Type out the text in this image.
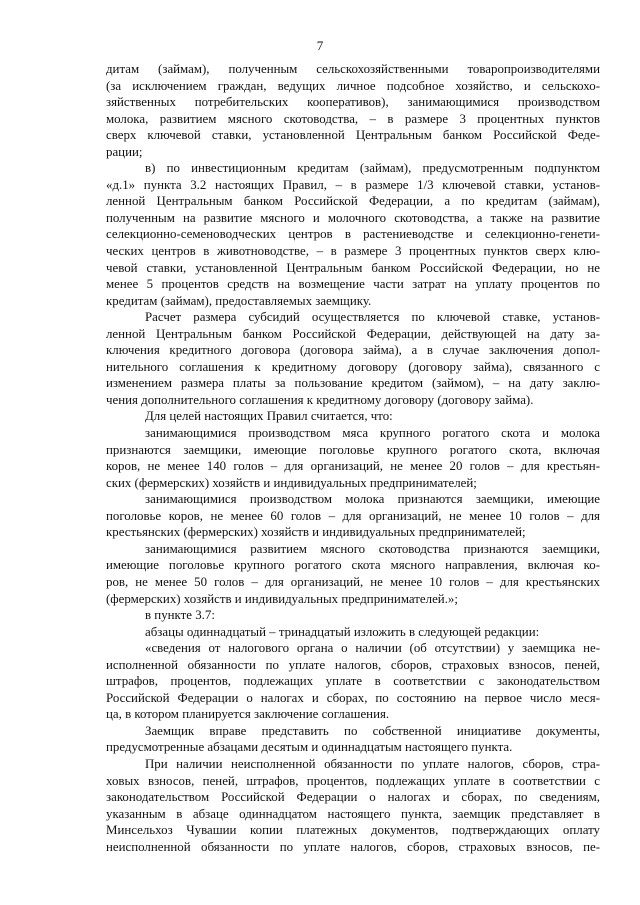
7
дитам (займам), полученным сельскохозяйственными товаропроизводителями
(за исключением граждан, ведущих личное подсобное хозяйство, и сельскохо-
зяйственных потребительских кооперативов), занимающимися производством
молока, развитием мясного скотоводства, – в размере 3 процентных пунктов
сверх ключевой ставки, установленной Центральным банком Российской Феде-
рации;
в) по инвестиционным кредитам (займам), предусмотренным подпунктом
«д.1» пункта 3.2 настоящих Правил, – в размере 1/3 ключевой ставки, установ-
ленной Центральным банком Российской Федерации, а по кредитам (займам),
полученным на развитие мясного и молочного скотоводства, а также на развитие
селекционно-семеноводческих центров в растениеводстве и селекционно-генети-
ческих центров в животноводстве, – в размере 3 процентных пунктов сверх клю-
чевой ставки, установленной Центральным банком Российской Федерации, но не
менее 5 процентов средств на возмещение части затрат на уплату процентов по
кредитам (займам), предоставляемых заемщику.
Расчет размера субсидий осуществляется по ключевой ставке, установ-
ленной Центральным банком Российской Федерации, действующей на дату за-
ключения кредитного договора (договора займа), а в случае заключения допол-
нительного соглашения к кредитному договору (договору займа), связанного с
изменением размера платы за пользование кредитом (займом), – на дату заклю-
чения дополнительного соглашения к кредитному договору (договору займа).
Для целей настоящих Правил считается, что:
занимающимися производством мяса крупного рогатого скота и молока
признаются заемщики, имеющие поголовье крупного рогатого скота, включая
коров, не менее 140 голов – для организаций, не менее 20 голов – для крестьян-
ских (фермерских) хозяйств и индивидуальных предпринимателей;
занимающимися производством молока признаются заемщики, имеющие
поголовье коров, не менее 60 голов – для организаций, не менее 10 голов – для
крестьянских (фермерских) хозяйств и индивидуальных предпринимателей;
занимающимися развитием мясного скотоводства признаются заемщики,
имеющие поголовье крупного рогатого скота мясного направления, включая ко-
ров, не менее 50 голов – для организаций, не менее 10 голов – для крестьянских
(фермерских) хозяйств и индивидуальных предпринимателей.»;
в пункте 3.7:
абзацы одиннадцатый – тринадцатый изложить в следующей редакции:
«сведения от налогового органа о наличии (об отсутствии) у заемщика не-
исполненной обязанности по уплате налогов, сборов, страховых взносов, пеней,
штрафов, процентов, подлежащих уплате в соответствии с законодательством
Российской Федерации о налогах и сборах, по состоянию на первое число меся-
ца, в котором планируется заключение соглашения.
Заемщик вправе представить по собственной инициативе документы,
предусмотренные абзацами десятым и одиннадцатым настоящего пункта.
При наличии неисполненной обязанности по уплате налогов, сборов, стра-
ховых взносов, пеней, штрафов, процентов, подлежащих уплате в соответствии с
законодательством Российской Федерации о налогах и сборах, по сведениям,
указанным в абзаце одиннадцатом настоящего пункта, заемщик представляет в
Минсельхоз Чувашии копии платежных документов, подтверждающих оплату
неисполненной обязанности по уплате налогов, сборов, страховых взносов, пе-
